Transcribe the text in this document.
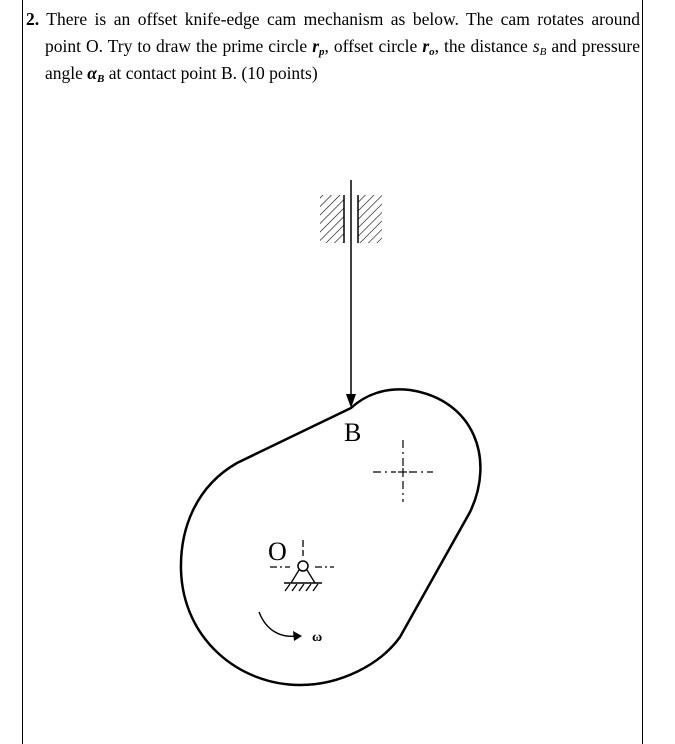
2. There is an offset knife-edge cam mechanism as below. The cam rotates around point O. Try to draw the prime circle $r_p$, offset circle $r_o$, the distance $s_B$ and pressure angle $\alpha_B$ at contact point B. (10 points)

B
O
ω
